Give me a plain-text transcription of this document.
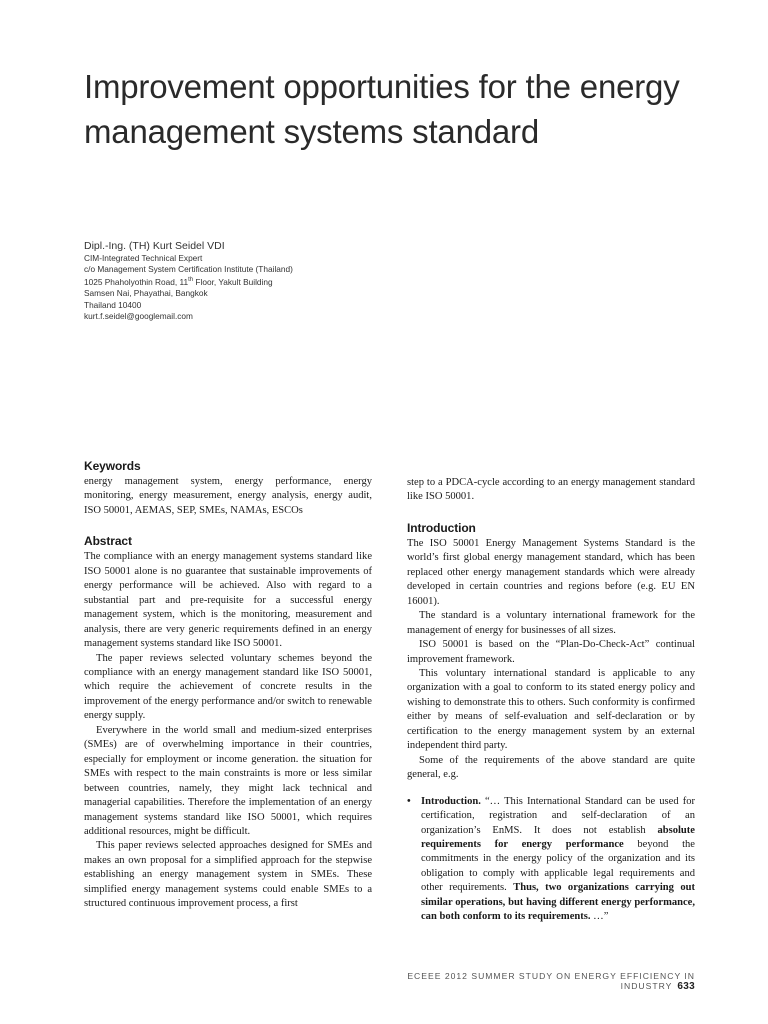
Improvement opportunities for the energy management systems standard
Dipl.-Ing. (TH) Kurt Seidel VDI
CIM-Integrated Technical Expert
c/o Management System Certification Institute (Thailand)
1025 Phaholyothin Road, 11th Floor, Yakult Building
Samsen Nai, Phayathai, Bangkok
Thailand 10400
kurt.f.seidel@googlemail.com
Keywords

energy management system, energy performance, energy monitoring, energy measurement, energy analysis, energy audit, ISO 50001, AEMAS, SEP, SMEs, NAMAs, ESCOs

Abstract

The compliance with an energy management systems standard like ISO 50001 alone is no guarantee that sustainable improvements of energy performance will be achieved. Also with regard to a substantial part and pre-requisite for a successful energy management system, which is the monitoring, measurement and analysis, there are very generic requirements defined in an energy management systems standard like ISO 50001.

The paper reviews selected voluntary schemes beyond the compliance with an energy management standard like ISO 50001, which require the achievement of concrete results in the improvement of the energy performance and/or switch to renewable energy supply.

Everywhere in the world small and medium-sized enterprises (SMEs) are of overwhelming importance in their countries, especially for employment or income generation. the situation for SMEs with respect to the main constraints is more or less similar between countries, namely, they might lack technical and managerial capabilities. Therefore the implementation of an energy management systems standard like ISO 50001, which requires additional resources, might be difficult.

This paper reviews selected approaches designed for SMEs and makes an own proposal for a simplified approach for the stepwise establishing an energy management system in SMEs. These simplified energy management systems could enable SMEs to a structured continuous improvement process, a first

step to a PDCA-cycle according to an energy management standard like ISO 50001.

Introduction

The ISO 50001 Energy Management Systems Standard is the world’s first global energy management standard, which has been replaced other energy management standards which were already developed in certain countries and regions before (e.g. EU EN 16001).

The standard is a voluntary international framework for the management of energy for businesses of all sizes.

ISO 50001 is based on the “Plan-Do-Check-Act” continual improvement framework.

This voluntary international standard is applicable to any organization with a goal to conform to its stated energy policy and wishing to demonstrate this to others. Such conformity is confirmed either by means of self-evaluation and self-declaration or by certification to the energy management system by an external independent third party.

Some of the requirements of the above standard are quite general, e.g.

• Introduction. “… This International Standard can be used for certification, registration and self-declaration of an organization’s EnMS. It does not establish absolute requirements for energy performance beyond the commitments in the energy policy of the organization and its obligation to comply with applicable legal requirements and other requirements. Thus, two organizations carrying out similar operations, but having different energy performance, can both conform to its requirements. …”
ECEEE 2012 SUMMER STUDY ON ENERGY EFFICIENCY IN INDUSTRY 633
